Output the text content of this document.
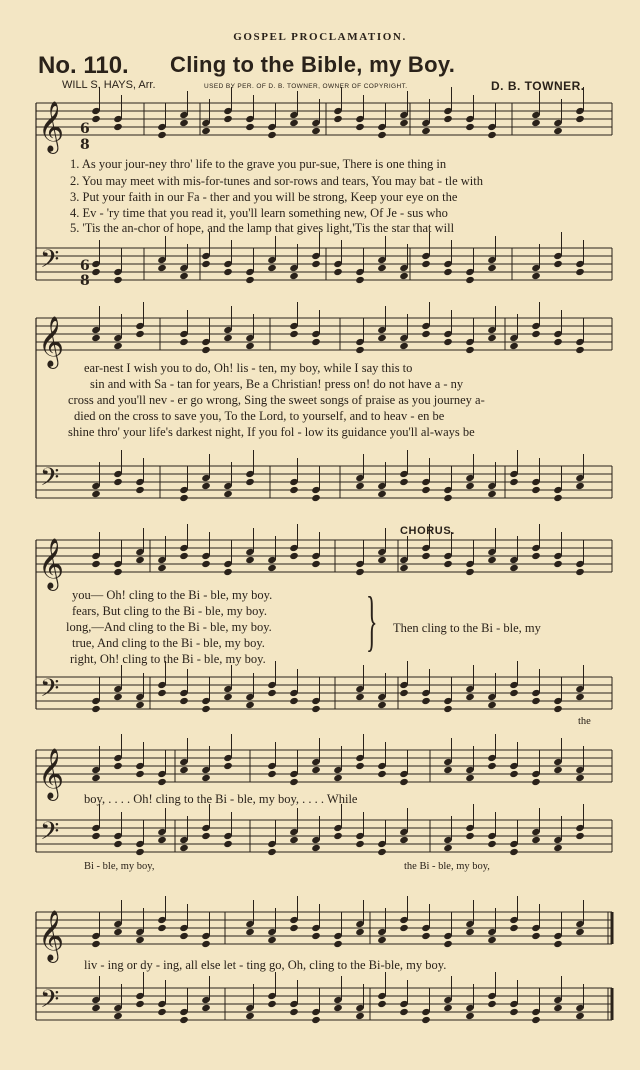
GOSPEL PROCLAMATION.
No. 110. Cling to the Bible, my Boy.
WILL S. HAYS, Arr.	USED BY PER. OF D. B. TOWNER, OWNER OF COPYRIGHT.	D. B. TOWNER.
𝄞
𝄢
𝄞
𝄢
𝄞
𝄢
𝄞
𝄢
𝄞
𝄢
6
8
6
8
1. As your jour-ney thro' life to the grave you pur-sue, There is one thing in
2. You may meet with mis-for-tunes and sor-rows and tears, You may bat - tle with
3. Put your faith in our Fa - ther and you will be strong, Keep your eye on the
4. Ev - 'ry time that you read it, you'll learn something new, Of Je - sus who
5. 'Tis the an-chor of hope, and the lamp that gives light,'Tis the star that will
ear-nest I wish you to do, Oh! lis - ten, my boy, while I say this to
sin and with Sa - tan for years, Be a Christian! press on! do not have a - ny
cross and you'll nev - er go wrong, Sing the sweet songs of praise as you journey a-
died on the cross to save you, To the Lord, to yourself, and to heav - en be
shine thro' your life's darkest night, If you fol - low its guidance you'll al-ways be
you— Oh! cling to the Bi - ble, my boy.
fears, But cling to the Bi - ble, my boy.
long,—And cling to the Bi - ble, my boy.
true, And cling to the Bi - ble, my boy.
right, Oh! cling to the Bi - ble, my boy.
}
CHORUS.
Then cling to the Bi - ble, my
the
boy, . . . . Oh! cling to the Bi - ble, my boy, . . . . While
Bi - ble, my boy,	the Bi - ble, my boy,
liv - ing or dy - ing, all else let - ting go, Oh, cling to the Bi-ble, my boy.
